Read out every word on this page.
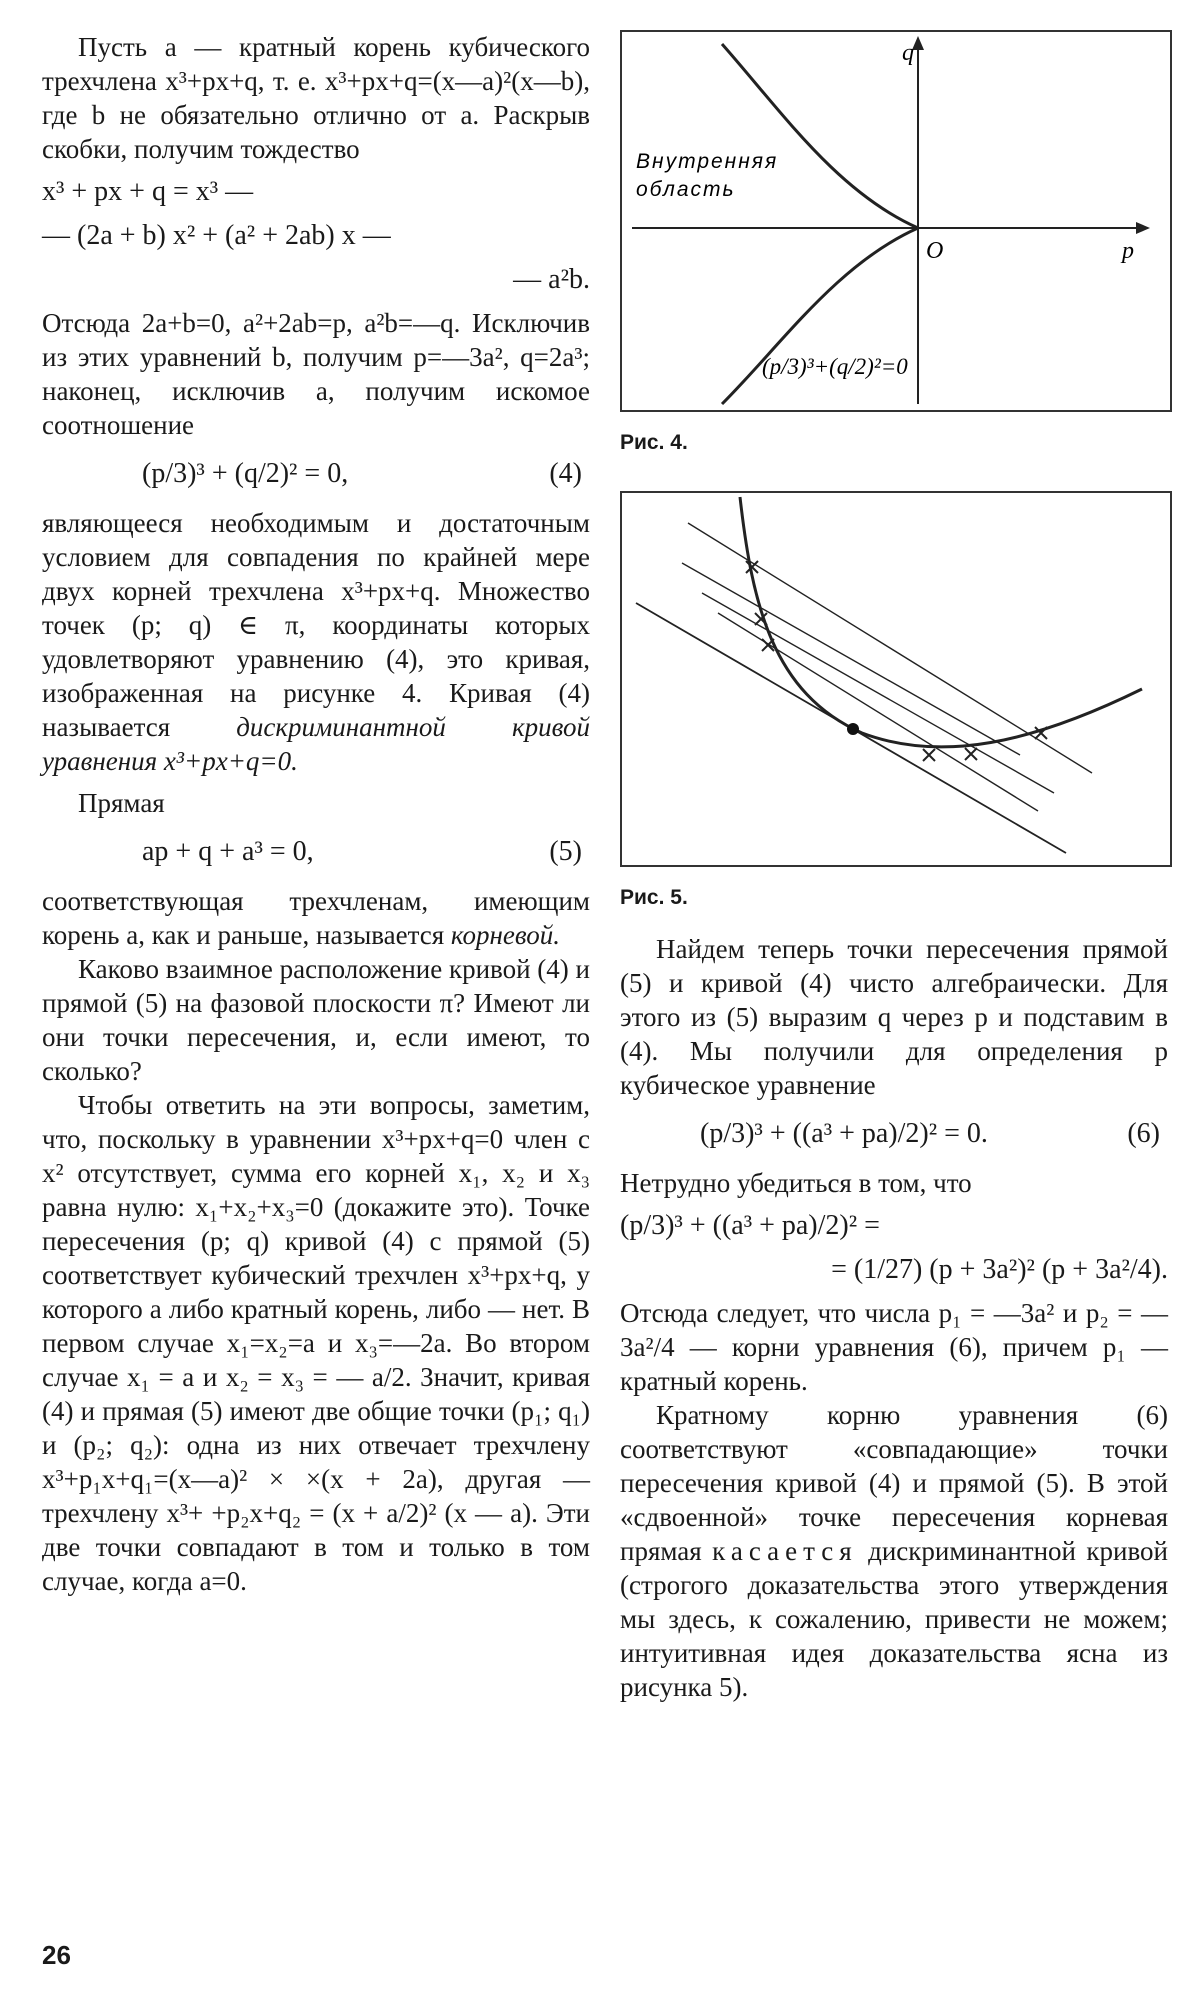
Пусть a — кратный корень кубического трехчлена x³+px+q, т. е. x³+px+q=(x—a)²(x—b), где b не обязательно отлично от a. Раскрыв скобки, получим тождество

x³ + px + q = x³ —
— (2a + b) x² + (a² + 2ab) x —
— a²b.

Отсюда 2a+b=0, a²+2ab=p, a²b=—q. Исключив из этих уравнений b, получим p=—3a², q=2a³; наконец, исключив a, получим искомое соотношение

(p/3)³ + (q/2)² = 0,	(4)

являющееся необходимым и достаточным условием для совпадения по крайней мере двух корней трехчлена x³+px+q. Множество точек (p; q) ∈ π, координаты которых удовлетворяют уравнению (4), это кривая, изображенная на рисунке 4. Кривая (4) называется дискриминантной кривой уравнения x³+px+q=0.

Прямая

ap + q + a³ = 0,	(5)

соответствующая трехчленам, имеющим корень a, как и раньше, называется корневой.

Каково взаимное расположение кривой (4) и прямой (5) на фазовой плоскости π? Имеют ли они точки пересечения, и, если имеют, то сколько?

Чтобы ответить на эти вопросы, заметим, что, поскольку в уравнении x³+px+q=0 член с x² отсутствует, сумма его корней x₁, x₂ и x₃ равна нулю: x₁+x₂+x₃=0 (докажите это). Точке пересечения (p; q) кривой (4) с прямой (5) соответствует кубический трехчлен x³+px+q, у которого a либо кратный корень, либо — нет. В первом случае x₁=x₂=a и x₃=—2a. Во втором случае x₁ = a и x₂ = x₃ = — a/2. Значит, кривая (4) и прямая (5) имеют две общие точки (p₁; q₁) и (p₂; q₂): одна из них отвечает трехчлену x³+p₁x+q₁=(x—a)² × ×(x + 2a), другая — трехчлену x³+ +p₂x+q₂ = (x + a/2)² (x — a). Эти две точки совпадают в том и только в том случае, когда a=0.

q
p
O
Внутренняя
область
(p/3)³+(q/2)²=0
Рис. 4.
Рис. 5.

Найдем теперь точки пересечения прямой (5) и кривой (4) чисто алгебраически. Для этого из (5) выразим q через p и подставим в (4). Мы получили для определения p кубическое уравнение

(p/3)³ + ((a³ + pa)/2)² = 0.	(6)

Нетрудно убедиться в том, что

(p/3)³ + ((a³ + pa)/2)² =
= (1/27) (p + 3a²)² (p + 3a²/4).

Отсюда следует, что числа p₁ = —3a² и p₂ = — 3a²/4 — корни уравнения (6), причем p₁ — кратный корень.

Кратному корню уравнения (6) соответствуют «совпадающие» точки пересечения кривой (4) и прямой (5). В этой «сдвоенной» точке пересечения корневая прямая касается дискриминантной кривой (строгого доказательства этого утверждения мы здесь, к сожалению, привести не можем; интуитивная идея доказательства ясна из рисунка 5).

26
